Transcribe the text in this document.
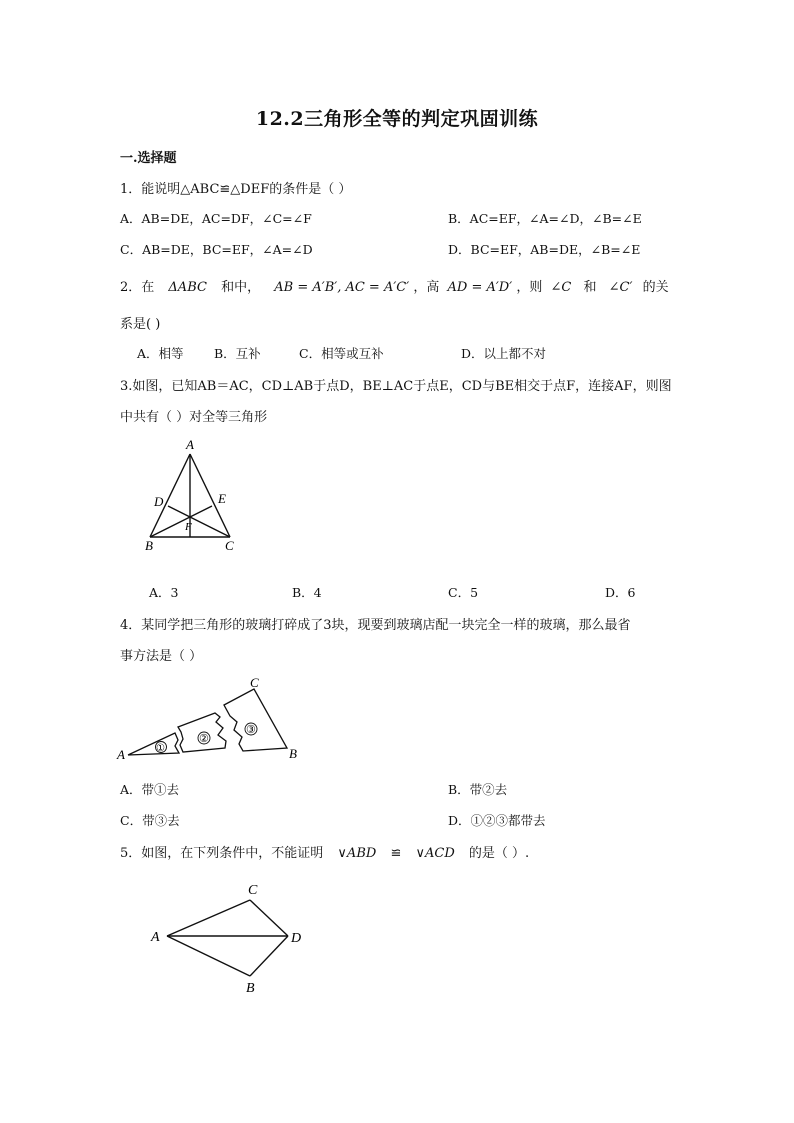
12.2三角形全等的判定巩固训练
一.选择题
1．能说明△ABC≌△DEF的条件是（ ）
A．AB=DE，AC=DF，∠C=∠F	B．AC=EF，∠A=∠D，∠B=∠E
C．AB=DE，BC=EF，∠A=∠D	D．BC=EF，AB=DE，∠B=∠E
2．在 ΔABC 和中， AB = A′B′, AC = A′C′ ，高 AD = A′D′ ，则 ∠C 和 ∠C′ 的关
系是( )
A．相等 B．互补	C．相等或互补	D．以上都不对
3.如图，已知AB＝AC，CD⊥AB于点D，BE⊥AC于点E，CD与BE相交于点F，连接AF，则图
中共有（ ）对全等三角形
A
D	E
F
B	C
A．3	B．4	C．5	D．6
4．某同学把三角形的玻璃打碎成了3块，现要到玻璃店配一块完全一样的玻璃，那么最省
事方法是（ ）
①
②
③
A	B
C
A．带①去	B．带②去
C．带③去	D．①②③都带去
5．如图，在下列条件中，不能证明 ∨ABD ≌ ∨ACD 的是（ ）.
C
A	D
B
